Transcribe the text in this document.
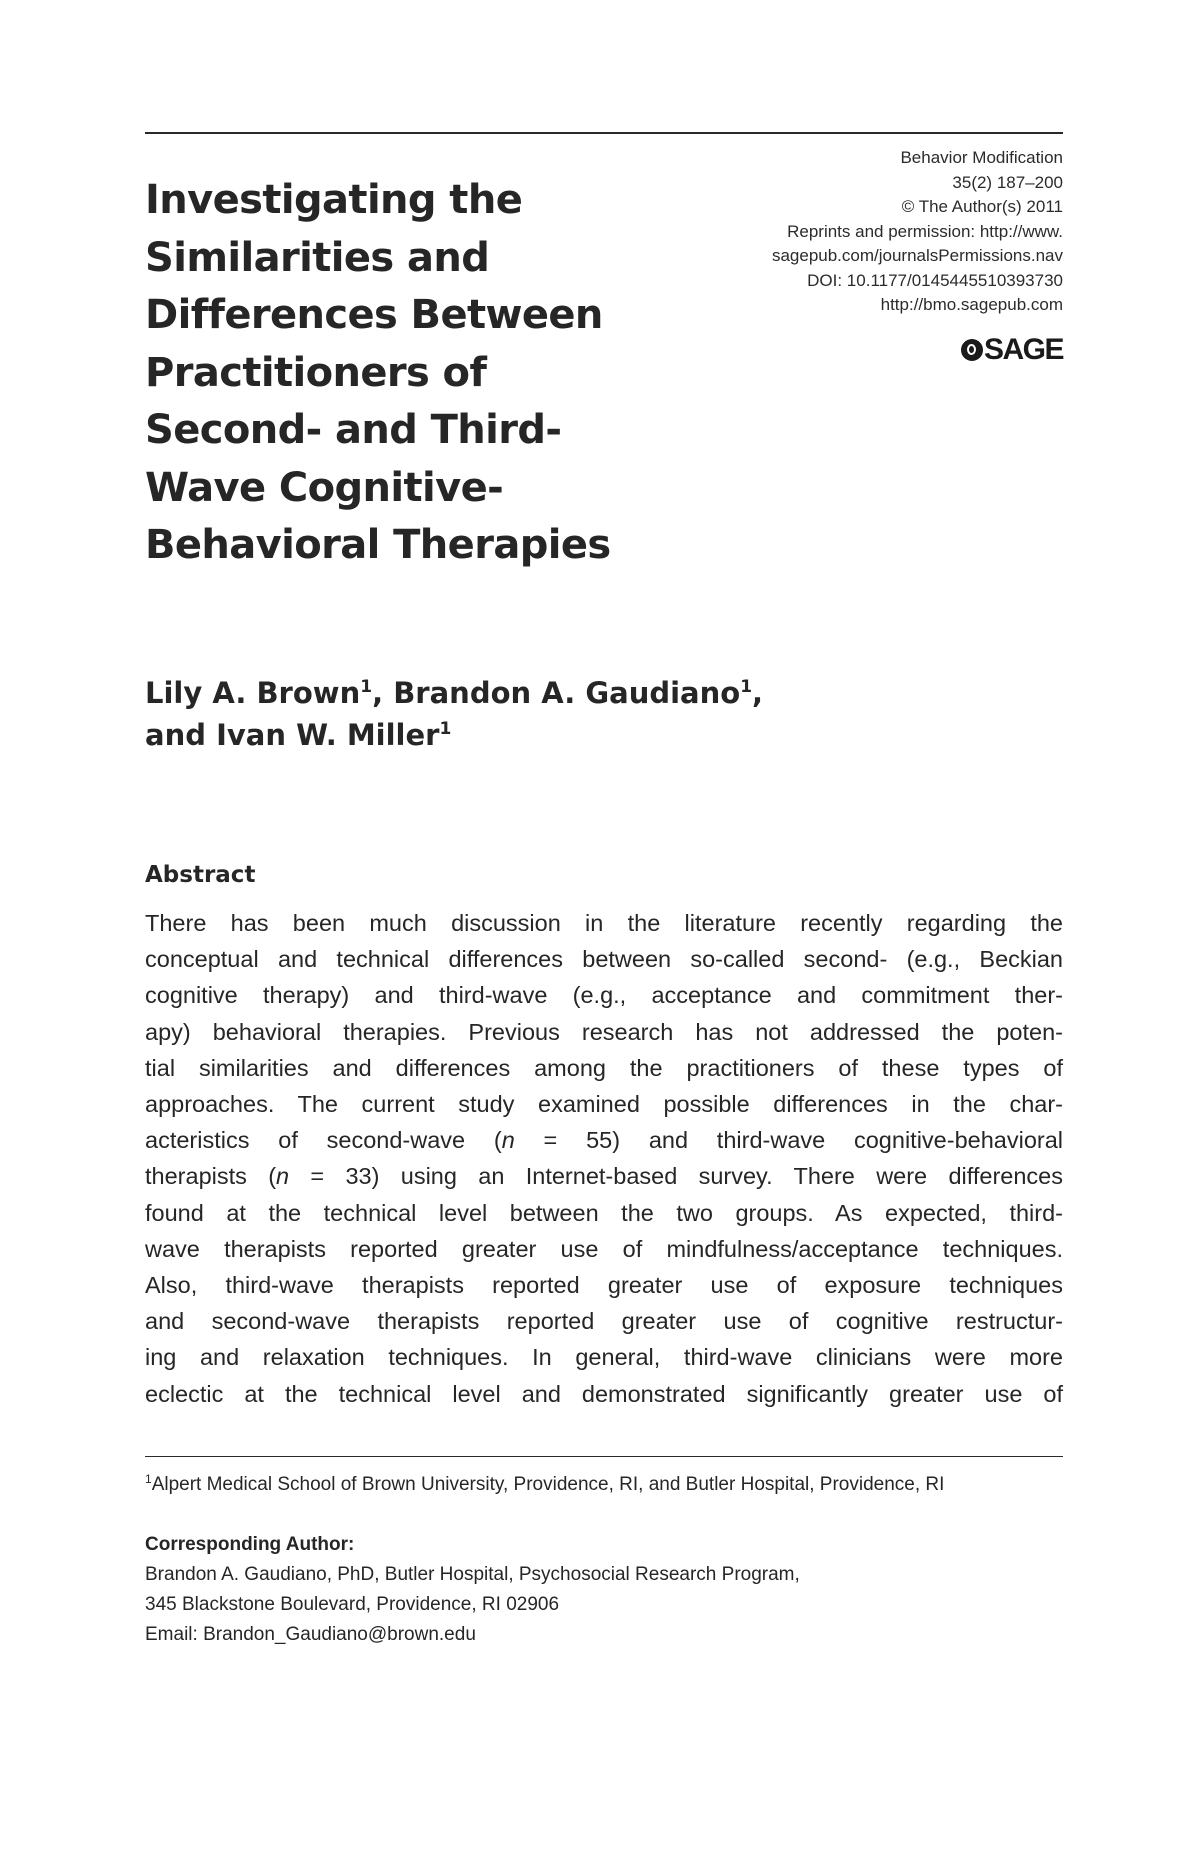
Investigating the
Similarities and
Differences Between
Practitioners of
Second- and Third-
Wave Cognitive-
Behavioral Therapies
Behavior Modification
35(2) 187–200
© The Author(s) 2011
Reprints and permission: http://www.
sagepub.com/journalsPermissions.nav
DOI: 10.1177/0145445510393730
http://bmo.sagepub.com
SAGE
Lily A. Brown$^1$, Brandon A. Gaudiano$^1$,
and Ivan W. Miller$^1$
Abstract
There has been much discussion in the literature recently regarding the
conceptual and technical differences between so-called second- (e.g., Beckian
cognitive therapy) and third-wave (e.g., acceptance and commitment ther-
apy) behavioral therapies. Previous research has not addressed the poten-
tial similarities and differences among the practitioners of these types of
approaches. The current study examined possible differences in the char-
acteristics of second-wave (n = 55) and third-wave cognitive-behavioral
therapists (n = 33) using an Internet-based survey. There were differences
found at the technical level between the two groups. As expected, third-
wave therapists reported greater use of mindfulness/acceptance techniques.
Also, third-wave therapists reported greater use of exposure techniques
and second-wave therapists reported greater use of cognitive restructur-
ing and relaxation techniques. In general, third-wave clinicians were more
eclectic at the technical level and demonstrated significantly greater use of
$^1$Alpert Medical School of Brown University, Providence, RI, and Butler Hospital, Providence, RI
Corresponding Author:
Brandon A. Gaudiano, PhD, Butler Hospital, Psychosocial Research Program,
345 Blackstone Boulevard, Providence, RI 02906
Email: Brandon_Gaudiano@brown.edu
